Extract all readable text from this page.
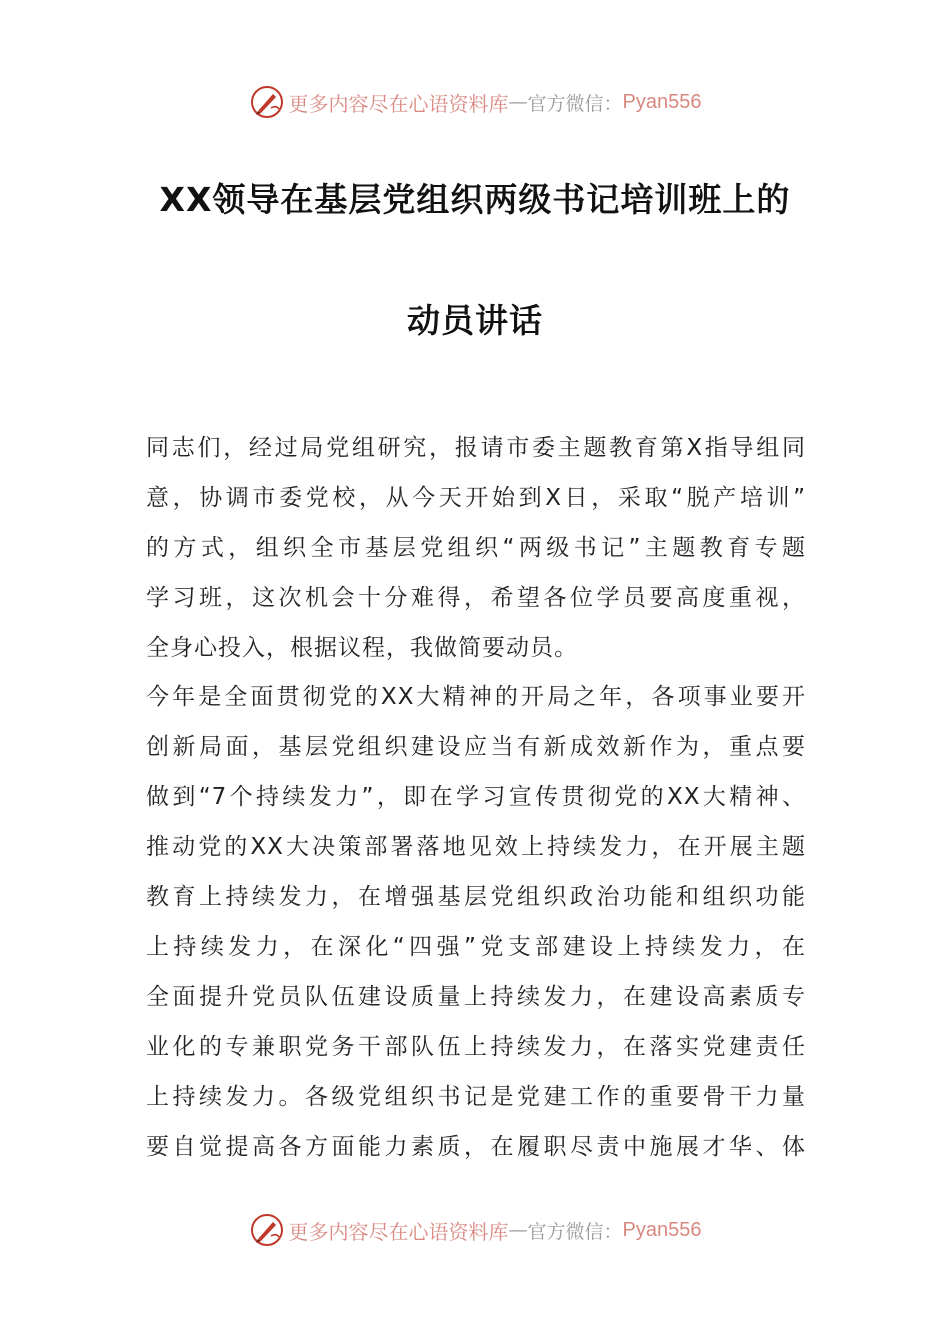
更多内容尽在心语资料库 — 官方微信： Pyan556
XX领导在基层党组织两级书记培训班上的
动员讲话
同志们，经过局党组研究，报请市委主题教育第X指导组同
意，协调市委党校，从今天开始到X日，采取“脱产培训”
的方式，组织全市基层党组织“两级书记”主题教育专题
学习班，这次机会十分难得，希望各位学员要高度重视，
全身心投入，根据议程，我做简要动员。
今年是全面贯彻党的XX大精神的开局之年，各项事业要开
创新局面，基层党组织建设应当有新成效新作为，重点要
做到“7个持续发力”，即在学习宣传贯彻党的XX大精神、
推动党的XX大决策部署落地见效上持续发力，在开展主题
教育上持续发力，在增强基层党组织政治功能和组织功能
上持续发力，在深化“四强”党支部建设上持续发力，在
全面提升党员队伍建设质量上持续发力，在建设高素质专
业化的专兼职党务干部队伍上持续发力，在落实党建责任
上持续发力。各级党组织书记是党建工作的重要骨干力量
要自觉提高各方面能力素质，在履职尽责中施展才华、体
更多内容尽在心语资料库 — 官方微信： Pyan556
